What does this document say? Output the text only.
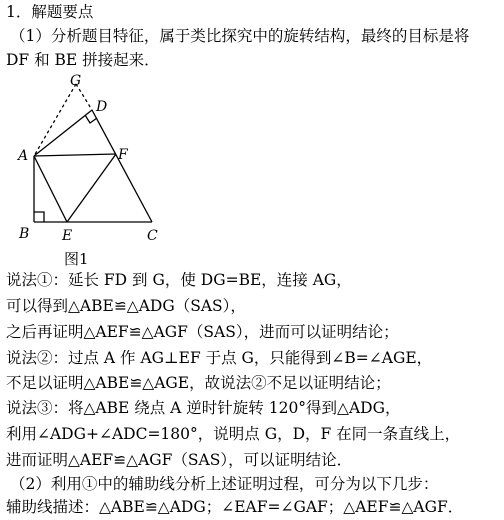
1．解题要点
（1）分析题目特征，属于类比探究中的旋转结构，最终的目标是将
DF 和 BE 拼接起来．
G
D
A	F
B E	C
图1
说法①：延长 FD 到 G，使 DG=BE，连接 AG，
可以得到△ABE≌△ADG（SAS），
之后再证明△AEF≌△AGF（SAS），进而可以证明结论；
说法②：过点 A 作 AG⊥EF 于点 G，只能得到∠B=∠AGE，
不足以证明△ABE≌△AGE，故说法②不足以证明结论；
说法③：将△ABE 绕点 A 逆时针旋转 120°得到△ADG，
利用∠ADG+∠ADC=180°，说明点 G，D，F 在同一条直线上，
进而证明△AEF≌△AGF（SAS），可以证明结论．
（2）利用①中的辅助线分析上述证明过程，可分为以下几步：
辅助线描述：△ABE≌△ADG；∠EAF=∠GAF；△AEF≌△AGF．
